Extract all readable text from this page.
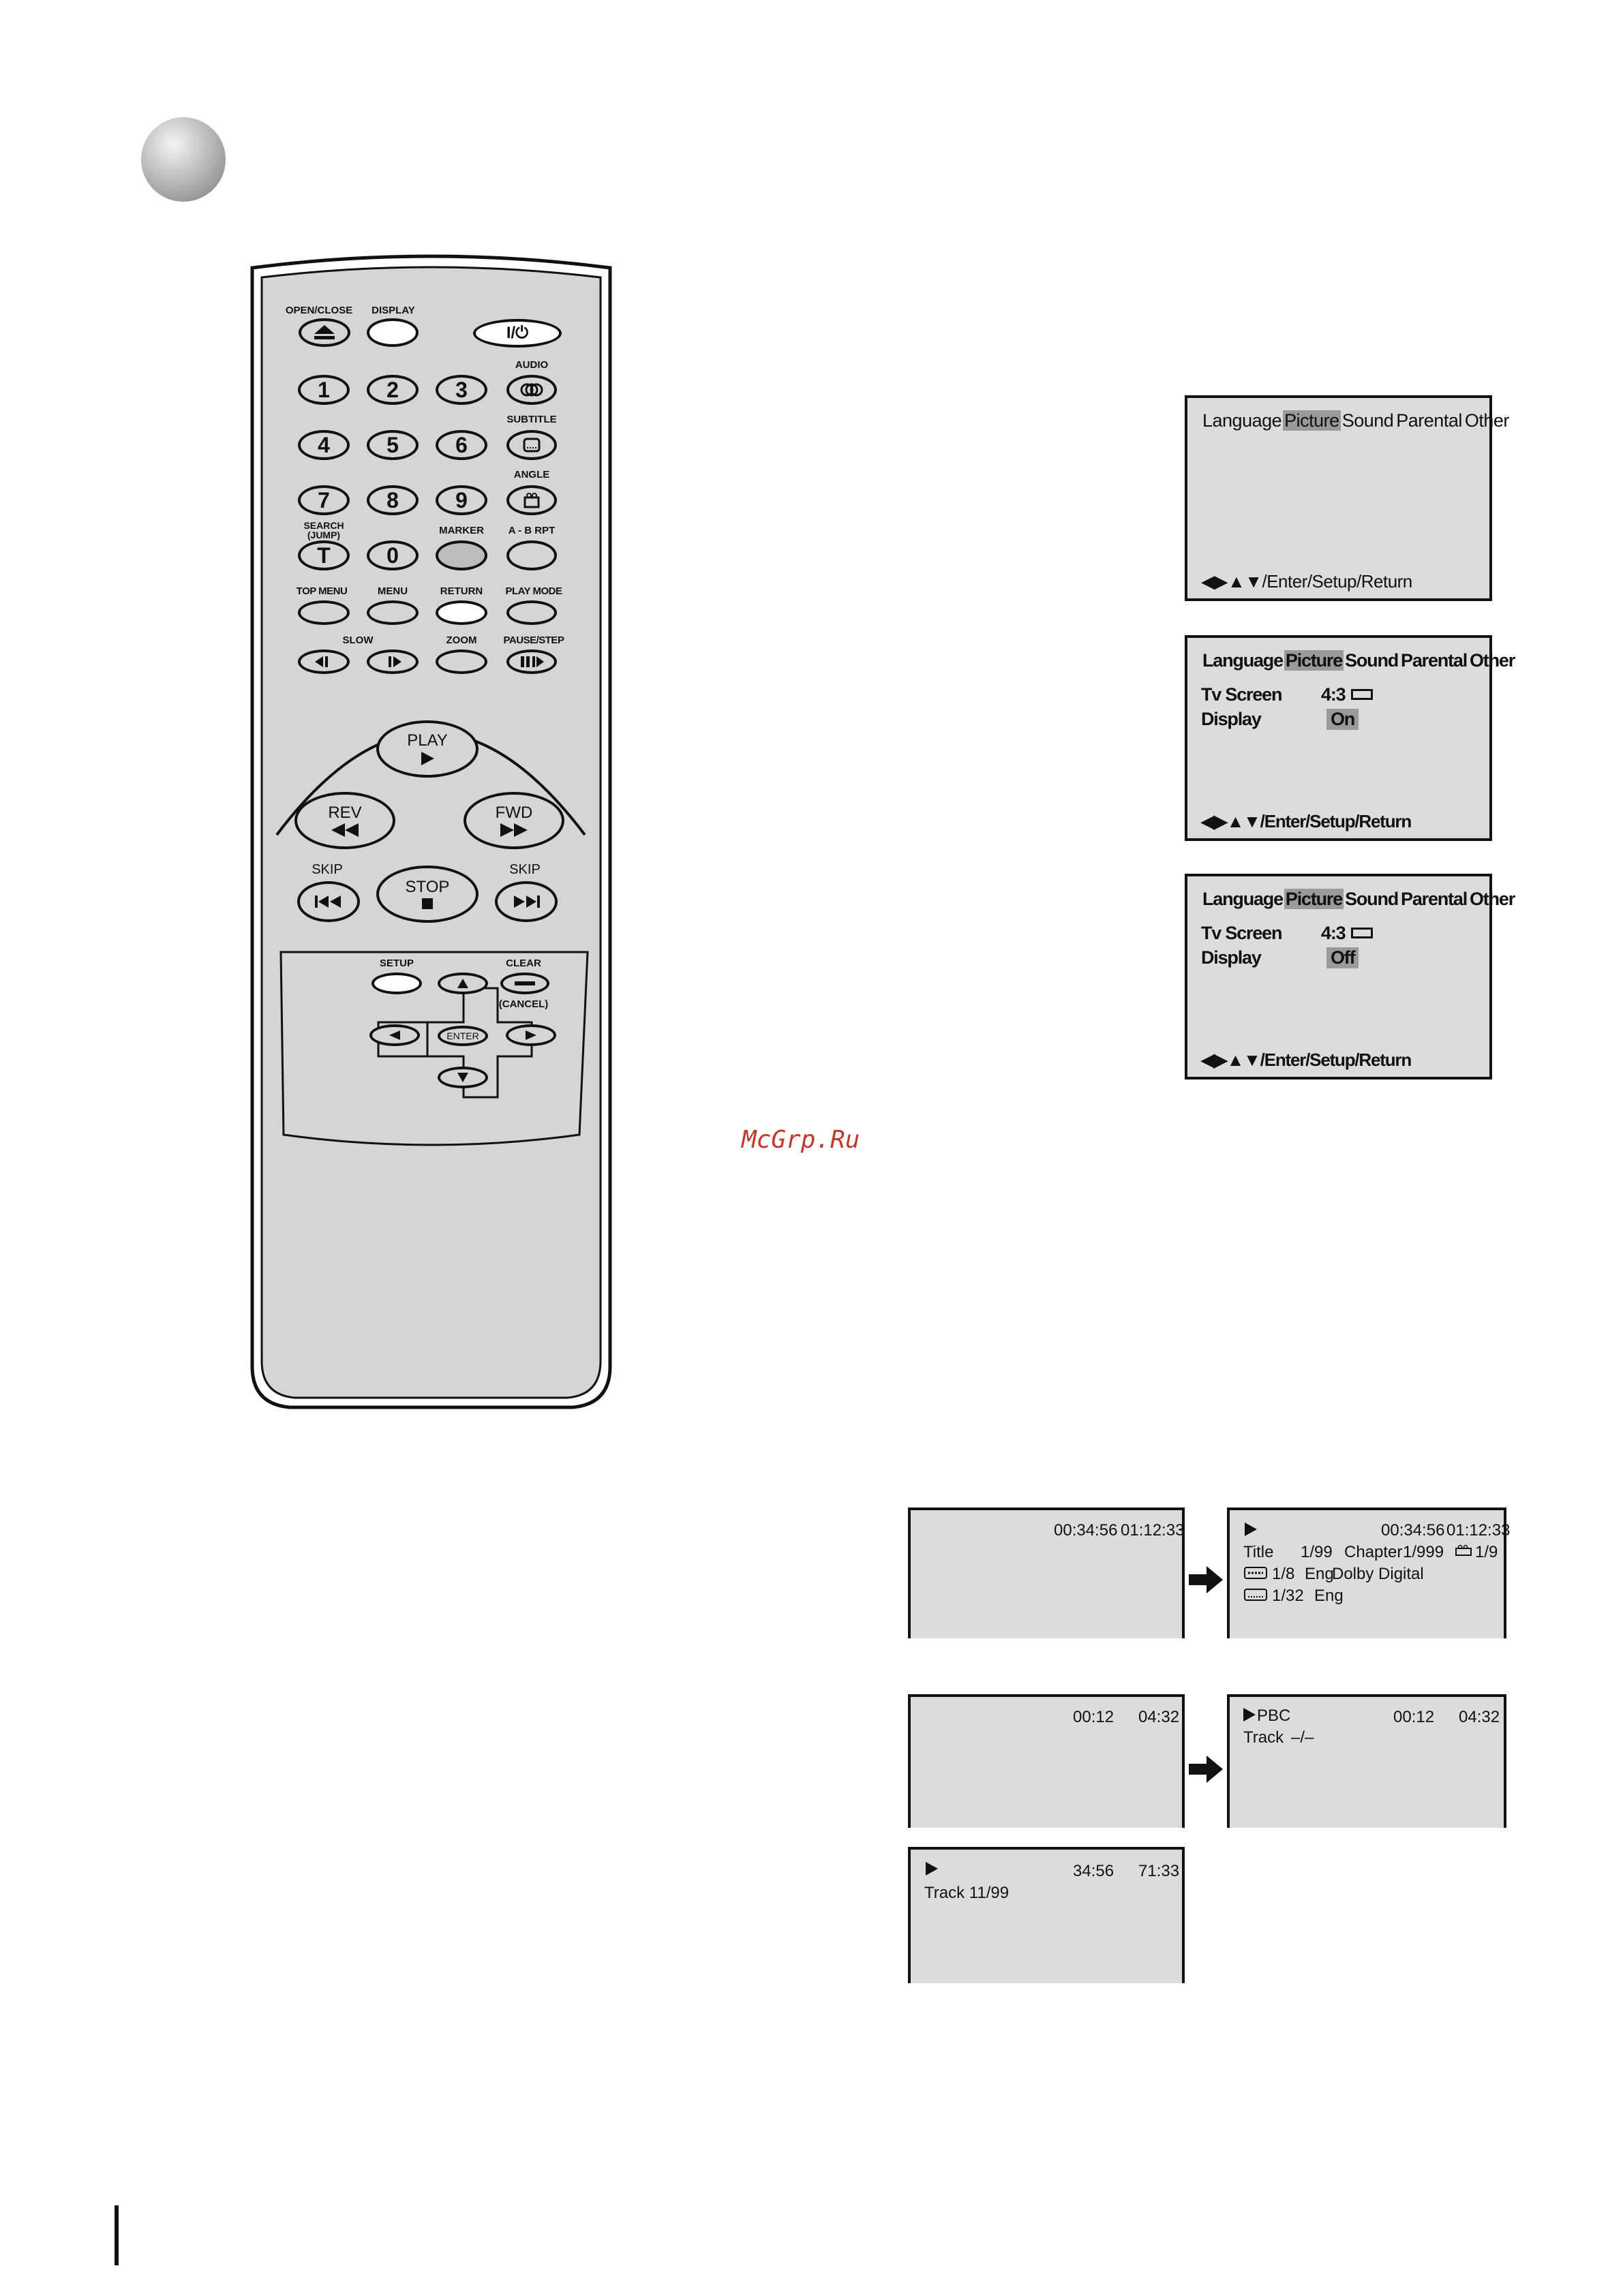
OPEN/CLOSE	DISPLAY
I/⏻
AUDIO
1	2	3
SUBTITLE
4	5	6
ANGLE
7	8	9
SEARCH
(JUMP)	MARKER	A - B RPT
T	0
TOP MENU	MENU	RETURN	PLAY MODE
SLOW	ZOOM	PAUSE/STEP
PLAY
REV	FWD
SKIP	SKIP
STOP
SETUP	CLEAR
(CANCEL)
ENTER
Language Picture Sound Parental Other
◀▶▲▼/Enter/Setup/Return
Language Picture Sound Parental Other
Tv Screen 4:3
Display	On
◀▶▲▼/Enter/Setup/Return
Language Picture Sound Parental Other
Tv Screen 4:3
Display	Off
◀▶▲▼/Enter/Setup/Return
McGrp.Ru
00:34:56 01:12:33	00:34:56 01:12:33
Title 1/99 Chapter 1/999 1/9
1/8 Eng
Dolby Digital
1/32 Eng
00:12 04:32	PBC	00:12 04:32
Track –/–
34:56 71:33
Track 11/99
